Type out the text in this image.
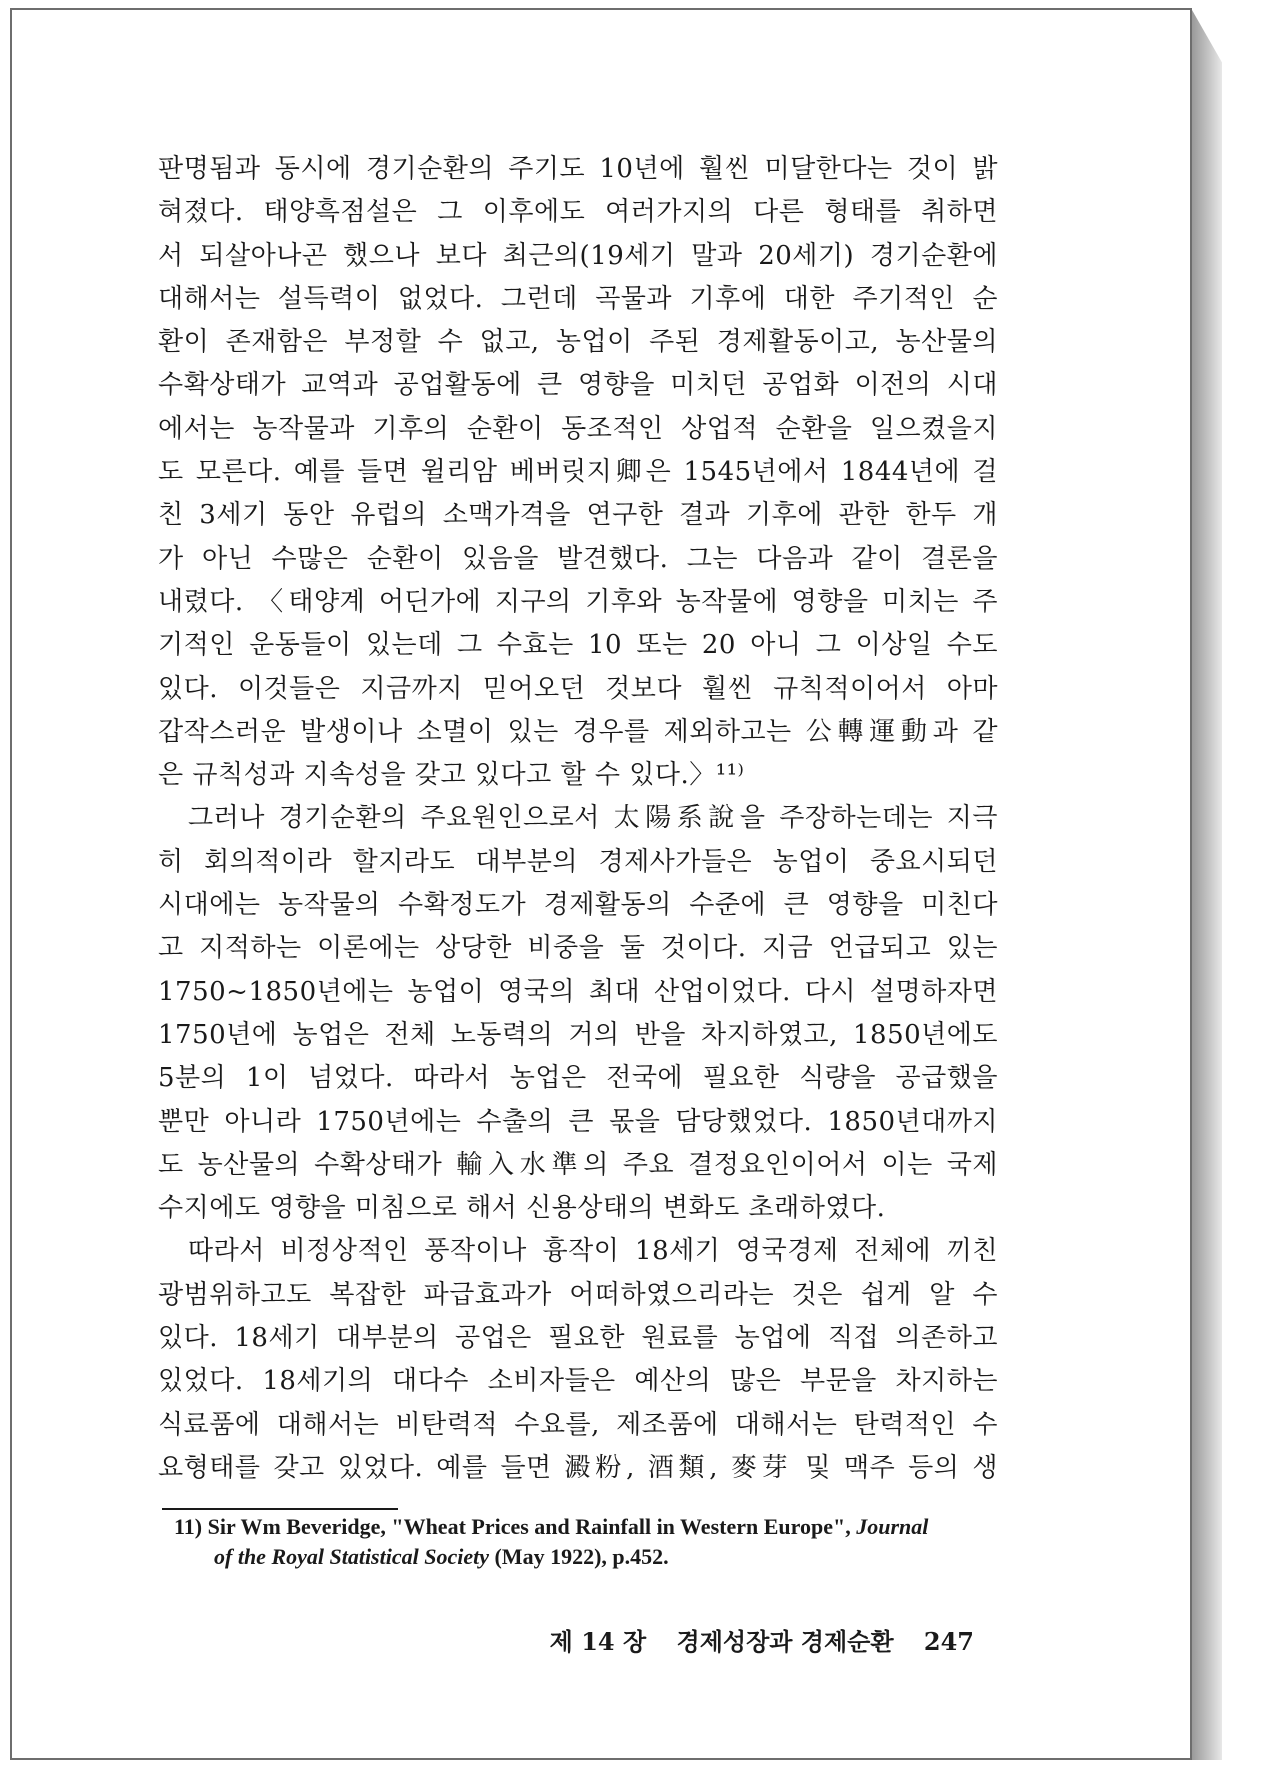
판명됨과 동시에 경기순환의 주기도 10년에 훨씬 미달한다는 것이 밝
혀졌다. 태양흑점설은 그 이후에도 여러가지의 다른 형태를 취하면
서 되살아나곤 했으나 보다 최근의(19세기 말과 20세기) 경기순환에
대해서는 설득력이 없었다. 그런데 곡물과 기후에 대한 주기적인 순
환이 존재함은 부정할 수 없고, 농업이 주된 경제활동이고, 농산물의
수확상태가 교역과 공업활동에 큰 영향을 미치던 공업화 이전의 시대
에서는 농작물과 기후의 순환이 동조적인 상업적 순환을 일으켰을지
도 모른다. 예를 들면 윌리암 베버릿지卿은 1545년에서 1844년에 걸
친 3세기 동안 유럽의 소맥가격을 연구한 결과 기후에 관한 한두 개
가 아닌 수많은 순환이 있음을 발견했다. 그는 다음과 같이 결론을
내렸다. 〈태양계 어딘가에 지구의 기후와 농작물에 영향을 미치는 주
기적인 운동들이 있는데 그 수효는 10 또는 20 아니 그 이상일 수도
있다. 이것들은 지금까지 믿어오던 것보다 훨씬 규칙적이어서 아마
갑작스러운 발생이나 소멸이 있는 경우를 제외하고는 公轉運動과 같
은 규칙성과 지속성을 갖고 있다고 할 수 있다.〉¹¹⁾
그러나 경기순환의 주요원인으로서 太陽系說을 주장하는데는 지극
히 회의적이라 할지라도 대부분의 경제사가들은 농업이 중요시되던
시대에는 농작물의 수확정도가 경제활동의 수준에 큰 영향을 미친다
고 지적하는 이론에는 상당한 비중을 둘 것이다. 지금 언급되고 있는
1750~1850년에는 농업이 영국의 최대 산업이었다. 다시 설명하자면
1750년에 농업은 전체 노동력의 거의 반을 차지하였고, 1850년에도
5분의 1이 넘었다. 따라서 농업은 전국에 필요한 식량을 공급했을
뿐만 아니라 1750년에는 수출의 큰 몫을 담당했었다. 1850년대까지
도 농산물의 수확상태가 輸入水準의 주요 결정요인이어서 이는 국제
수지에도 영향을 미침으로 해서 신용상태의 변화도 초래하였다.
따라서 비정상적인 풍작이나 흉작이 18세기 영국경제 전체에 끼친
광범위하고도 복잡한 파급효과가 어떠하였으리라는 것은 쉽게 알 수
있다. 18세기 대부분의 공업은 필요한 원료를 농업에 직접 의존하고
있었다. 18세기의 대다수 소비자들은 예산의 많은 부문을 차지하는
식료품에 대해서는 비탄력적 수요를, 제조품에 대해서는 탄력적인 수
요형태를 갖고 있었다. 예를 들면 澱粉, 酒類, 麥芽 및 맥주 등의 생
11) Sir Wm Beveridge, "Wheat Prices and Rainfall in Western Europe", Journal
of the Royal Statistical Society (May 1922), p.452.
제 14 장 경제성장과 경제순환 247
